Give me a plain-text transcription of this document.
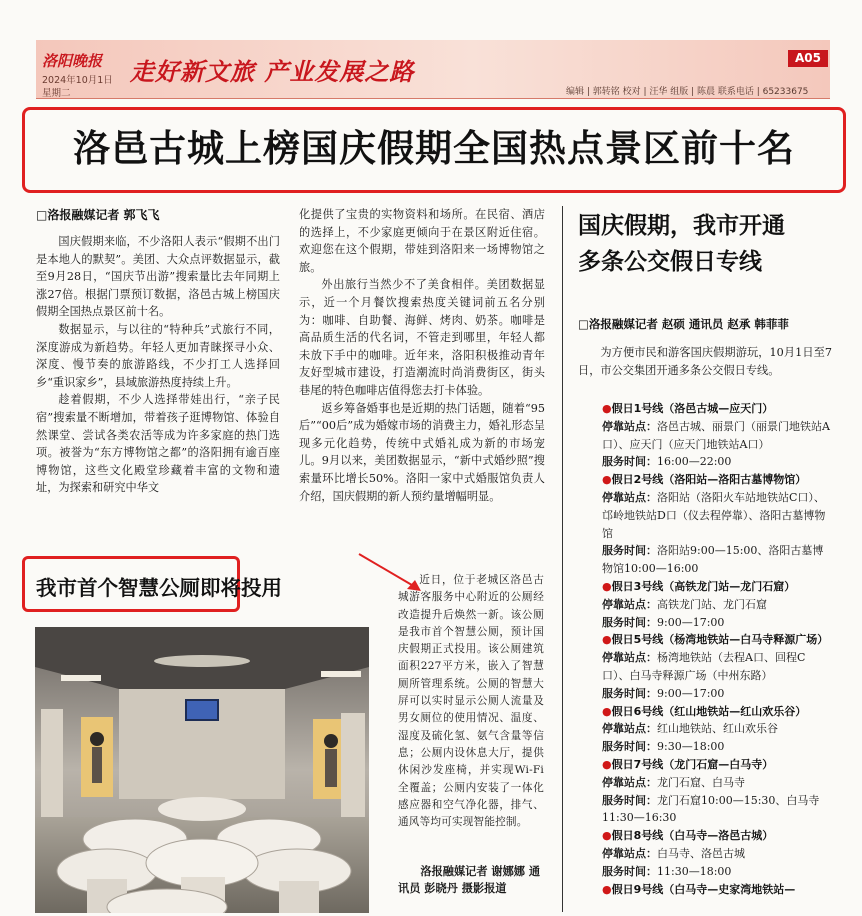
洛阳晚报
2024年10月1日
星期二
走好新文旅 产业发展之路	A05
编辑 | 郭转铭 校对 | 汪华 组版 | 陈晨 联系电话 | 65233675
洛邑古城上榜国庆假期全国热点景区前十名
□洛报融媒记者 郭飞飞

国庆假期来临，不少洛阳人表示“假期不出门是本地人的默契”。美团、大众点评数据显示，截至9月28日，“国庆节出游”搜索量比去年同期上涨27倍。根据门票预订数据，洛邑古城上榜国庆假期全国热点景区前十名。

数据显示，与以往的“特种兵”式旅行不同，深度游成为新趋势。年轻人更加青睐探寻小众、深度、慢节奏的旅游路线，不少打工人选择回乡“重识家乡”，县域旅游热度持续上升。

趁着假期，不少人选择带娃出行，“亲子民宿”搜索量不断增加，带着孩子逛博物馆、体验自然课堂、尝试各类农活等成为许多家庭的热门选项。被誉为“东方博物馆之都”的洛阳拥有逾百座博物馆，这些文化殿堂珍藏着丰富的文物和遗址，为探索和研究中华文

化提供了宝贵的实物资料和场所。在民宿、酒店的选择上，不少家庭更倾向于在景区附近住宿。欢迎您在这个假期，带娃到洛阳来一场博物馆之旅。

外出旅行当然少不了美食相伴。美团数据显示，近一个月餐饮搜索热度关键词前五名分别为：咖啡、自助餐、海鲜、烤肉、奶茶。咖啡是高品质生活的代名词，不管走到哪里，年轻人都未放下手中的咖啡。近年来，洛阳积极推动青年友好型城市建设，打造潮流时尚消费街区，街头巷尾的特色咖啡店值得您去打卡体验。

返乡筹备婚事也是近期的热门话题，随着“95后”“00后”成为婚嫁市场的消费主力，婚礼形态呈现多元化趋势，传统中式婚礼成为新的市场宠儿。9月以来，美团数据显示，“新中式婚纱照”搜索量环比增长50%。洛阳一家中式婚服馆负责人介绍，国庆假期的新人预约量增幅明显。

国庆假期，我市开通
多条公交假日专线
□洛报融媒记者 赵硕 通讯员 赵承 韩菲菲

为方便市民和游客国庆假期游玩，10月1日至7日，市公交集团开通多条公交假日专线。

●假日1号线（洛邑古城—应天门）
停靠站点：洛邑古城、丽景门（丽景门地铁站A口）、应天门（应天门地铁站A口）
服务时间：16:00—22:00
●假日2号线（洛阳站—洛阳古墓博物馆）
停靠站点：洛阳站（洛阳火车站地铁站C口）、邙岭地铁站D口（仪去程停靠）、洛阳古墓博物馆
服务时间：洛阳站9:00—15:00、洛阳古墓博物馆10:00—16:00
●假日3号线（高铁龙门站—龙门石窟）
停靠站点：高铁龙门站、龙门石窟
服务时间：9:00—17:00
●假日5号线（杨湾地铁站—白马寺释源广场）
停靠站点：杨湾地铁站（去程A口、回程C口）、白马寺释源广场（中州东路）
服务时间：9:00—17:00
●假日6号线（红山地铁站—红山欢乐谷）
停靠站点：红山地铁站、红山欢乐谷
服务时间：9:30—18:00
●假日7号线（龙门石窟—白马寺）
停靠站点：龙门石窟、白马寺
服务时间：龙门石窟10:00—15:30、白马寺11:30—16:30
●假日8号线（白马寺—洛邑古城）
停靠站点：白马寺、洛邑古城
服务时间：11:30—18:00
●假日9号线（白马寺—史家湾地铁站—
我市首个智慧公厕即将投用	近日，位于老城区洛邑古城游客服务中心附近的公厕经改造提升后焕然一新。该公厕是我市首个智慧公厕，预计国庆假期正式投用。该公厕建筑面积227平方米，嵌入了智慧厕所管理系统。公厕的智慧大屏可以实时显示公厕人流量及男女厕位的使用情况、温度、湿度及硫化氢、氨气含量等信息；公厕内设休息大厅，提供休闲沙发座椅，并实现Wi-Fi全覆盖；公厕内安装了一体化感应器和空气净化器，排气、通风等均可实现智能控制。

洛报融媒记者 谢娜娜 通讯员 彭晓丹 摄影报道
